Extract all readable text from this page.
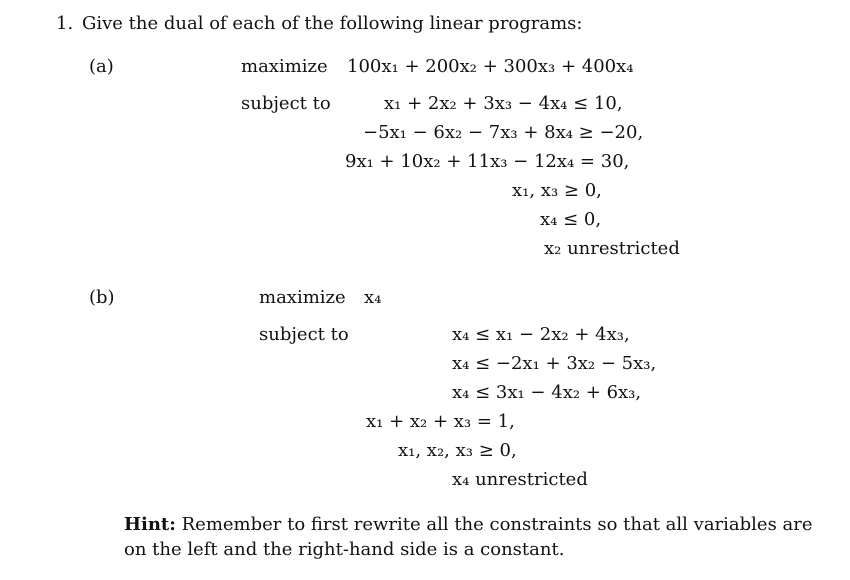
1. Give the dual of each of the following linear programs:
(a)	maximize 100x₁ + 200x₂ + 300x₃ + 400x₄
subject to	x₁ + 2x₂ + 3x₃ − 4x₄ ≤ 10,
−5x₁ − 6x₂ − 7x₃ + 8x₄ ≥ −20,
9x₁ + 10x₂ + 11x₃ − 12x₄ = 30,
x₁, x₃ ≥ 0,
x₄ ≤ 0,
x₂ unrestricted
(b)	maximize x₄
subject to	x₄ ≤ x₁ − 2x₂ + 4x₃,
x₄ ≤ −2x₁ + 3x₂ − 5x₃,
x₄ ≤ 3x₁ − 4x₂ + 6x₃,
x₁ + x₂ + x₃ = 1,
x₁, x₂, x₃ ≥ 0,
x₄ unrestricted
Hint: Remember to first rewrite all the constraints so that all variables are on the left and the right-hand side is a constant.
